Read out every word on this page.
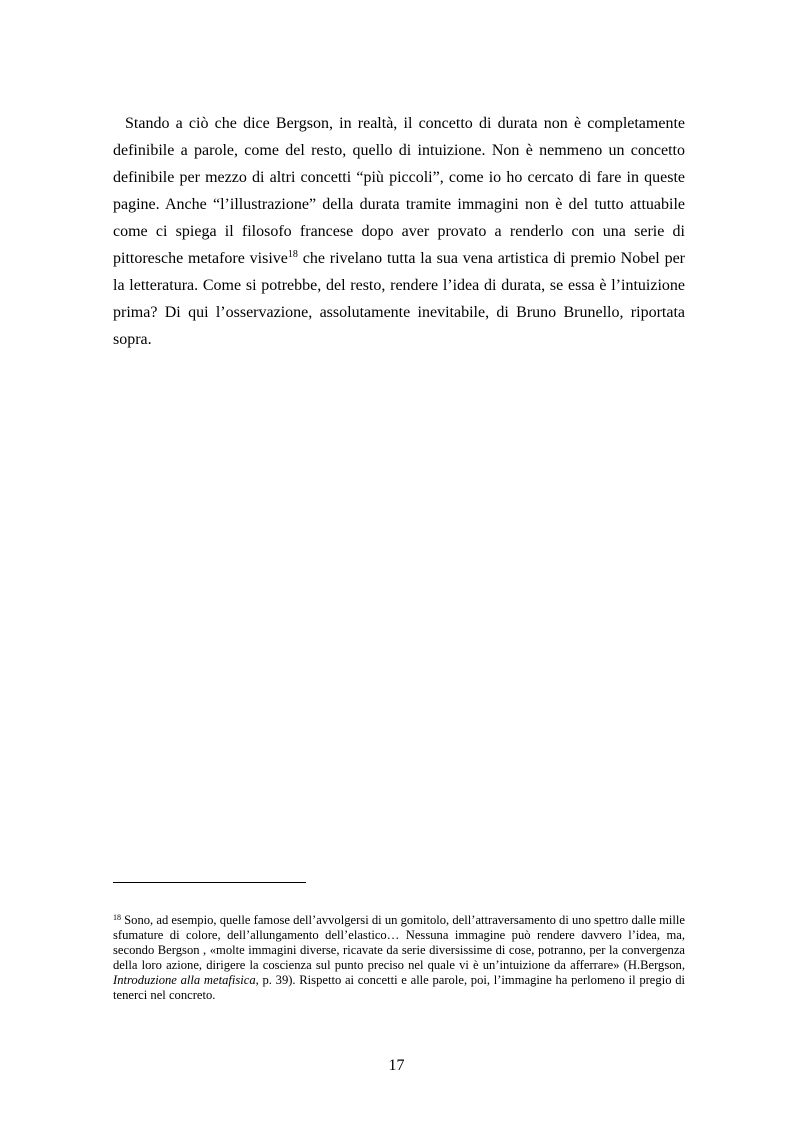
Stando a ciò che dice Bergson, in realtà, il concetto di durata non è completamente definibile a parole, come del resto, quello di intuizione. Non è nemmeno un concetto definibile per mezzo di altri concetti “più piccoli”, come io ho cercato di fare in queste pagine. Anche “l’illustrazione” della durata tramite immagini non è del tutto attuabile come ci spiega il filosofo francese dopo aver provato a renderlo con una serie di pittoresche metafore visive$^{18}$ che rivelano tutta la sua vena artistica di premio Nobel per la letteratura. Come si potrebbe, del resto, rendere l’idea di durata, se essa è l’intuizione prima? Di qui l’osservazione, assolutamente inevitabile, di Bruno Brunello, riportata sopra.

$^{18}$ Sono, ad esempio, quelle famose dell’avvolgersi di un gomitolo, dell’attraversamento di uno spettro dalle mille sfumature di colore, dell’allungamento dell’elastico… Nessuna immagine può rendere davvero l’idea, ma, secondo Bergson , «molte immagini diverse, ricavate da serie diversissime di cose, potranno, per la convergenza della loro azione, dirigere la coscienza sul punto preciso nel quale vi è un’intuizione da afferrare» (H.Bergson, Introduzione alla metafisica, p. 39). Rispetto ai concetti e alle parole, poi, l’immagine ha perlomeno il pregio di tenerci nel concreto.

17
